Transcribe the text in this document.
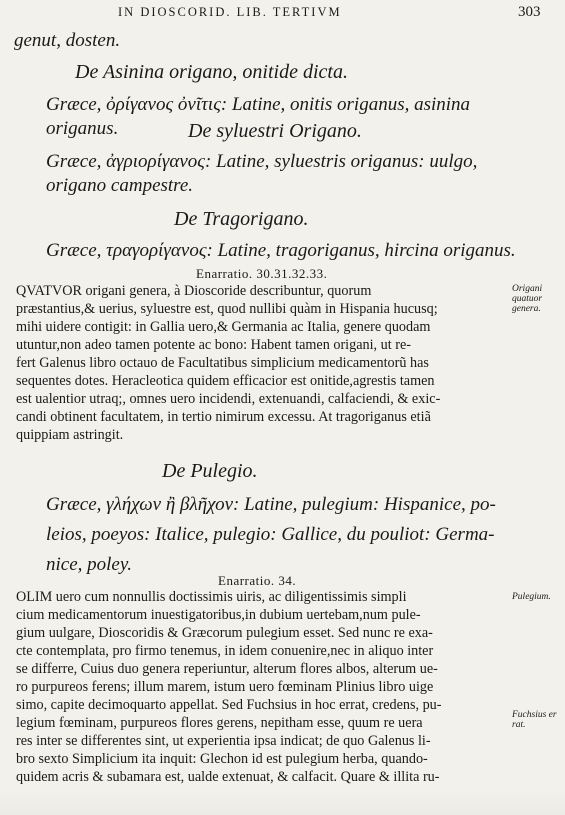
IN DIOSCORID. LIB. TERTIVM	303
genut, dosten.
De Asinina origano, onitide dicta.
Græce, ὀρίγανος ὀνῖτις: Latine, onitis origanus, asinina origanus.	De syluestri Origano.
Græce, ἀγριορίγανος: Latine, syluestris origanus: uulgo, origano campestre.
De Tragorigano.
Græce, τραγορίγανος: Latine, tragoriganus, hircina origanus.
Enarratio. 30.31.32.33.
QVATVOR origani genera, à Dioscoride describuntur, quorum
præstantius,& uerius, syluestre est, quod nullibi quàm in Hispania hucusq;
mihi uidere contigit: in Gallia uero,& Germania ac Italia, genere quodam
utuntur,non adeo tamen potente ac bono: Habent tamen origani, ut re-
fert Galenus libro octauo de Facultatibus simplicium medicamentorũ has
sequentes dotes. Heracleotica quidem efficacior est onitide,agrestis tamen
est ualentior utraq;, omnes uero incidendi, extenuandi, calfaciendi, & exic-
candi obtinent facultatem, in tertio nimirum excessu. At tragoriganus etiã
quippiam astringit.
Origani quatuor genera.
De Pulegio.
Græce, γλήχων ἢ βλῆχον: Latine, pulegium: Hispanice, po-
leios, poeyos: Italice, pulegio: Gallice, du pouliot: Germa-
nice, poley.
Enarratio. 34.
OLIM uero cum nonnullis doctissimis uiris, ac diligentissimis simpli
cium medicamentorum inuestigatoribus,in dubium uertebam,num pule-
gium uulgare, Dioscoridis & Græcorum pulegium esset. Sed nunc re exa-
cte contemplata, pro firmo tenemus, in idem conuenire,nec in aliquo inter
se differre, Cuius duo genera reperiuntur, alterum flores albos, alterum ue-
ro purpureos ferens; illum marem, istum uero fœminam Plinius libro uige
simo, capite decimoquarto appellat. Sed Fuchsius in hoc errat, credens, pu-
legium fœminam, purpureos flores gerens, nepitham esse, quum re uera
res inter se differentes sint, ut experientia ipsa indicat; de quo Galenus li-
bro sexto Simplicium ita inquit: Glechon id est pulegium herba, quando-
quidem acris & subamara est, ualde extenuat, & calfacit. Quare & illita ru-
Pulegium.
Fuchsius er rat.
